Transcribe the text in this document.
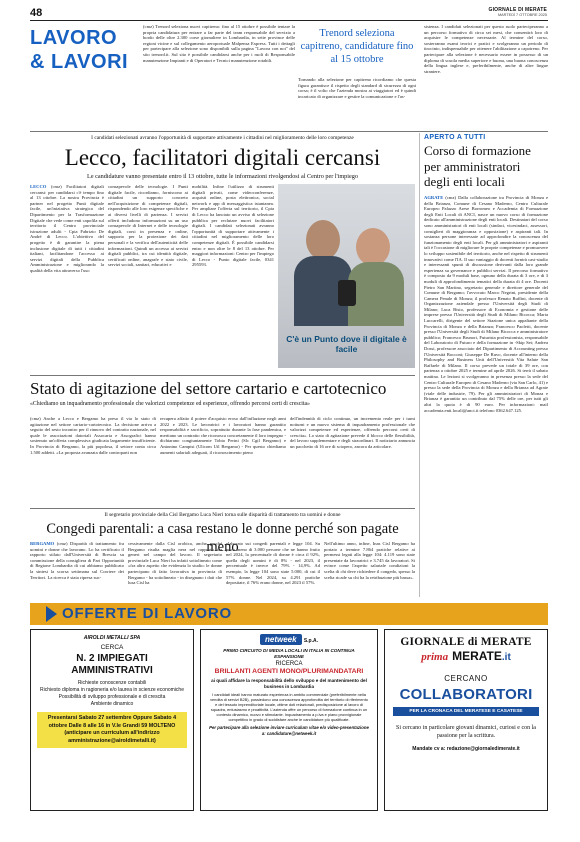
48	GIORNALE DI MERATE
MARTEDÌ 7 OTTOBRE 2025
LAVORO
& LAVORI
(cmz) Trenord seleziona nuovi capitreno: fino al 15 ottobre è possibile tentare la propria candidatura per entrare a far parte del team responsabile del servizio a bordo delle oltre 2.300 corse giornaliere in Lombardia, in sette province delle regioni vicine e sul collegamento aeroportuale Malpensa Express. Tutti i dettagli per partecipare alla selezione sono disponibili sulla pagina "Lavora con noi" del sito trenord.it. Sul sito è possibile candidarsi anche per i ruoli di Responsabile manutenzione Impianti e di Operatori e Tecnici manutenzione rotabili.
Trenord seleziona capitreno, candidature fino al 15 ottobre
Tornando alla selezione per capitreno ricordiamo che questa figura garantisce il rispetto degli standard di sicurezza di ogni corsa; è il volto che l'azienda mostra ai viaggiatori ed è quindi incaricato di organizzare e gestire la comunicazione e l'as-
sistenza. I candidati selezionati per questo ruolo parteciperanno a un percorso formativo di circa sei mesi, che consentirà loro di acquisire le competenze necessarie. Al termine del corso, sosterranno esami teorici e pratici e svolgeranno un periodo di tirocinio, indispensabile per ottenere l'abilitazione a capotreno. Per partecipare alla selezione è necessario essere in possesso di un diploma di scuola media superiore e buona, una buona conoscenza della lingua inglese e, preferibilmente, anche di altre lingue straniere.
I candidati selezionati avranno l'opportunità di supportare attivamente i cittadini nel miglioramento delle loro competenze
Lecco, facilitatori digitali cercansi
Le candidature vanno presentate entro il 13 ottobre, tutte le informazioni rivolgendosi al Centro per l'impiego
LECCO (cmz) Facilitatori digitali cercansi: per candidarsi c'è tempo fino al 13 ottobre. La nostra Provincia è partner nel progetto Punti digitale facile, un'iniziativa strategica del Dipartimento per la Trasformazione Digitale che vede come enti capofila sul territorio il Centro provinciale istruzione adulti - Cpia Fabrizio De André di Lecco. L'obiettivo del progetto è di garantire la piena inclusione digitale di tutti i cittadini italiani, facilitandone l'accesso ai servizi digitali della Pubblica Amministrazione e migliorando la qualità della vita attraverso l'uso
consapevole delle tecnologie. I Punti digitale facile, ricordiamo, forniscono ai cittadini un supporto concreto nell'acquisizione di competenze digitali, rispondendo alle loro esigenze specifiche e ai diversi livelli di partenza. I servizi offerti includono informazioni su un uso consapevole di Internet e delle tecnologie digitali, corsi in presenza e online, supporto per la protezione dei dati personali e la verifica dell'autenticità delle informazioni. Quindi un accesso ai servizi digitali pubblici, tra cui identità digitale, certificati online, anagrafe e stato civile, servizi sociali, sanitari, educativi e
mobilità. Infine l'utilizzo di strumenti digitali privati, come videoconferenze, acquisti online, posta elettronica, social network e app di messaggistica istantanea. Per ampliare l'offerta sul territorio, il Cpia di Lecco ha lanciato un avviso di selezione pubblica per reclutare nuovi facilitatori digitali. I candidati selezionati avranno l'opportunità di supportare attivamente i cittadini nel miglioramento delle loro competenze digitali. È possibile candidarsi entro e non oltre le 8 del 13 ottobre. Per maggiori informazioni: Centro per l'impiego di Lecco - Punto digitale facile, 0341 295593.
C'è un Punto dove il digitale è facile
APERTO A TUTTI
Corso di formazione per amministratori degli enti locali
AGRATE (cmz) Dalla collaborazione tra Provincia di Monza e della Brianza, Comune di Cesano Maderno, Centro Culturale Europeo Palazzo Arese Borromeo e Accademia di Formazione degli Enti Locali di ANCI, nasce un nuovo corso di formazione dedicato all'amministrazione degli enti locali. Destinatari del corso sono amministratori di enti locali (sindaci, vicesindaci, assessori, consiglieri di maggioranza e opposizione) e aspiranti tali. In sostanza persone interessate ad approfondire la conoscenza del funzionamento degli enti locali. Per gli amministratori e aspiranti tali è l'occasione di migliorare le proprie competenze e promuovere lo sviluppo sostenibile del territorio, anche nel rispetto di strumenti innovativi come l'IA. Il suo vantaggio di docenti fornirà casi-studio e interessanti spunti di discussione derivanti dalla loro grande esperienza su governance e pubblici servizi. Il percorso formativo è composto da 9 moduli base, ognuno della durata di 3 ore, e di 3 moduli di approfondimento tematici della durata di 4 ore. Docenti Pietro San Martino, segretario generale e direttore generale del Comune di Bergamo; l'avvocato Marco Negrini, presidente della Camera Penale di Monza; il professor Renato Ruffini, docente di Organizzazione aziendale presso l'Università degli Studi di Milano; Luca Bisio, professore di Economia e gestione delle imprese presso l'Università degli Studi di Milano Bicocca; Maria Luccarelli, dirigente del settore Stazione unica appaltante della Provincia di Monza e della Brianza; Francesco Paoletti, docente presso l'Università degli Studi di Milano Bicocca e amministratore pubblico; Francesco Brunori, Futurista professionista, responsabile del Laboratorio di Futuro e della formazione in -Skip Set; Andrea Dossi, professore associato del Dipartimento di Accounting presso l'Università Bocconi; Giuseppe De Ruvo, docente all'interno della Philosophy and Business Unit dell'Università Vita Salute San Raffaele di Milano. Il corso prevede un totale di 39 ore, con partenza a ottobre 2025 e termine ad aprile 2026. Si terrà il sabato mattina. Le lezioni si svolgeranno in presenza presso la sede del Centro Culturale Europeo di Cesano Maderno (via San Carlo, 41) e presso la sede della Provincia di Monza e della Brianza ad Agrate (viale delle industrie, 79). Per gli amministratori di Monza e Brianza è garantito un contributo dal 75% delle ore, per tutti gli altri la quota è di 90 euro. Per informazioni: mail accademia.enti.locali@anci.it telefono 0362.647.125.
Stato di agitazione del settore cartario e cartotecnico
«Chiediamo un inquadramento professionale che valorizzi competenze ed esperienze, offrendo percorsi certi di crescita»
(cmz) Anche a Lecco e Bergamo ha preso il via lo stato di agitazione nel settore cartario-cartotecnico. La decisione arriva a seguito del sesto incontro per il rinnovo del contratto nazionale, nel quale le associazioni datoriali Assocarta e Assografici hanno sostenuto un'offerta complessiva giudicata largamente insufficiente. In Provincia di Bergamo, la più popolosa, il settore conta circa 1.500 addetti. «La proposta avanzata dalle controparti non
recupera affatto il potere d'acquisto eroso dall'inflazione negli anni 2022 e 2023. Le lavoratrici e i lavoratori hanno garantito responsabilità e sacrificio, soprattutto durante la fase pandemica, e meritano un contratto che riconosca concretamente il loro impegno - dichiarano congiuntamente Tobia Perini (Slc Cgil Bergamo) e Antonino Campisi (Ulicom Uil Bergamo) - Per questo chiediamo aumenti salariali adeguati, il riconoscimento pieno
dell'indennità di ciclo continuo, un incremento reale per i turni notturni e un nuovo sistema di inquadramento professionale che valorizzi competenze ed esperienze, offrendo percorsi certi di crescita». Lo stato di agitazione prevede il blocco delle flessibilità, del lavoro supplementare e degli straordinari. Il notiziario annuncia un pacchetto di 16 ore di sciopero, ancora da articolare.
Il segretario provinciale della Cisl Bergamo Luca Nieri torna sulle disparità di trattamento tra uomini e donne
Congedi parentali: a casa restano le donne perché son pagate meno
BERGAMO (cmz) Disparità di trattamento fra uomini e donne che lavorano. Lo ha certificato il rapporto stilato dall'Università di Brescia su commissione della consigliera di Pari Opportunità di Regione Lombardia di cui abbiamo pubblicato la sintesi la scorsa settimana sul Corriere dei Territori. La ricerca è stata ripresa suc-
cessivamente dalla Cisl orobica, anche perché Bergamo risulta maglia nera nel rapporto tra generi nel campo del lavoro. Il segretario provinciale Luca Nieri ha infatti sottolineato come «fra altro aspetto che evidenzia lo studio: le donne partecipano di fatto lavorativa in provincia di Bergamo - ha sottolineato - in disegnano i dati che lusa Cisl ha
elaborato sui congedi parentali e legge 104. Su poco meno di 3.000 persone che ne hanno fruito nel 2024, la percentuale di donne è circa il 92%, quella degli uomini è di 8% - nel 2023, il percentuale è invece del 79% - 14,9%. Ad esempio, la legge 104 sono state 5.000, di cui il 57% donne. Nel 2024, su 4.291 pratiche depositate, il 76% erano donne, nel 2023 il 57%.
Nell'ultimo anno, infine, Inas Cisl Bergamo ha portato a termine 7.864 pratiche relative ai permessi legati alla legge 104: 4.119 sono state presentate da lavoratrici e 3.745 da lavoratori. Si evince come l'aspetto salariale condizioni la scelta di chi deve richiedere il congedo, spesso la scelta ricade su chi ha la retribuzione più bassa».
OFFERTE DI LAVORO
AIROLDI METALLI SPA
CERCA
N. 2 IMPIEGATI AMMINISTRATIVI
Richieste conoscenze contabili
Richiesto diploma in ragioneria e/o laurea in scienze economiche
Possibilità di sviluppo professionale e di crescita
Ambiente dinamico
Presentarsi Sabato 27 settembre Oppure Sabato 4 ottobre Dalle 8 alle 16 in V.le Grandi 59 MOLTENO (anticipare un curriculum all'indirizzo amministrazione@airoldimetalli.it)
netweek S.p.A.
PRIMO CIRCUITO DI MEDIA LOCALI IN ITALIA IN CONTINUA ESPANSIONE
RICERCA
BRILLANTI AGENTI MONO/PLURIMANDATARI
ai quali affidare la responsabilità dello sviluppo e del mantenimento del business in Lombardia
I candidati ideali hanno maturato esperienza in ambito commerciale (preferibilmente nella vendita di servizi B2B), possiedono una conoscenza approfondita del territorio di riferimento e del tessuto imprenditoriale locale, ottime doti relazionali, predisposizione al lavoro di squadra, entusiasmo e proattività. L'azienda offre un percorso di formazione continua in un contesto dinamico, nuovo e stimolante. Inquadramento a p.iva e piano provvigionale competitivo in grado di soddisfare anche le candidature più qualificate.
Per partecipare alla selezione inviare curriculum vitae e/o video-presentazione a: candidature@netweek.it
GIORNALE di MERATE
prima MERATE.it
CERCANO
COLLABORATORI
PER LA CRONACA DEL MERATESE E CASATESE
Si cercano in particolare giovani dinamici, curiosi e con la passione per la scrittura.
Mandate cv a: redazione@giornaledimerate.it
